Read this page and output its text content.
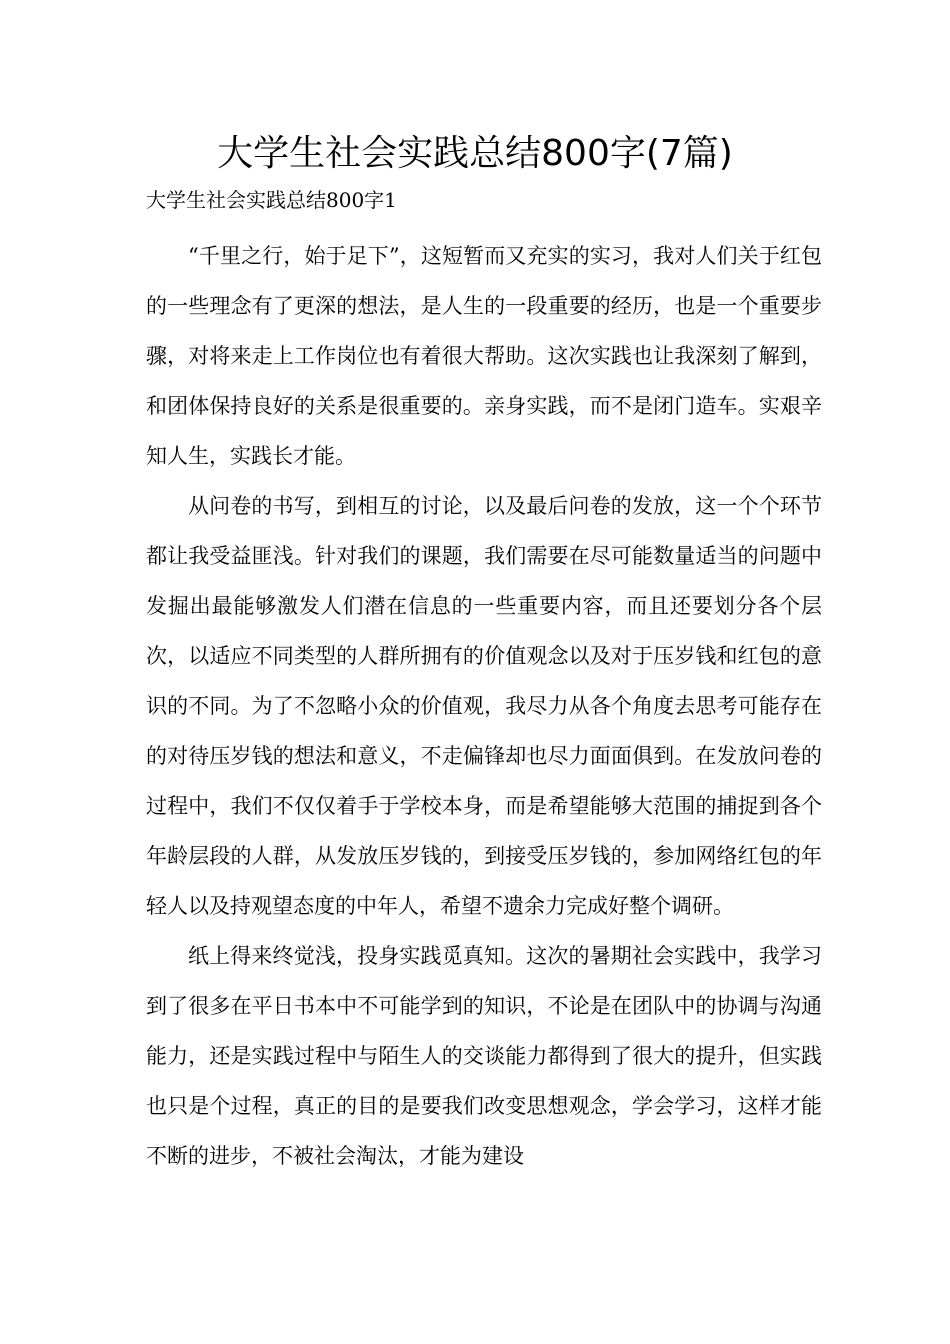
大学生社会实践总结800字(7篇)
大学生社会实践总结800字1

“千里之行，始于足下”，这短暂而又充实的实习，我对人们关于红包的一些理念有了更深的想法，是人生的一段重要的经历，也是一个重要步骤，对将来走上工作岗位也有着很大帮助。这次实践也让我深刻了解到，和团体保持良好的关系是很重要的。亲身实践，而不是闭门造车。实艰辛知人生，实践长才能。

从问卷的书写，到相互的讨论，以及最后问卷的发放，这一个个环节都让我受益匪浅。针对我们的课题，我们需要在尽可能数量适当的问题中发掘出最能够激发人们潜在信息的一些重要内容，而且还要划分各个层次，以适应不同类型的人群所拥有的价值观念以及对于压岁钱和红包的意识的不同。为了不忽略小众的价值观，我尽力从各个角度去思考可能存在的对待压岁钱的想法和意义，不走偏锋却也尽力面面俱到。在发放问卷的过程中，我们不仅仅着手于学校本身，而是希望能够大范围的捕捉到各个年龄层段的人群，从发放压岁钱的，到接受压岁钱的，参加网络红包的年轻人以及持观望态度的中年人，希望不遗余力完成好整个调研。

纸上得来终觉浅，投身实践觅真知。这次的暑期社会实践中，我学习到了很多在平日书本中不可能学到的知识，不论是在团队中的协调与沟通能力，还是实践过程中与陌生人的交谈能力都得到了很大的提升，但实践也只是个过程，真正的目的是要我们改变思想观念，学会学习，这样才能不断的进步，不被社会淘汰，才能为建设
